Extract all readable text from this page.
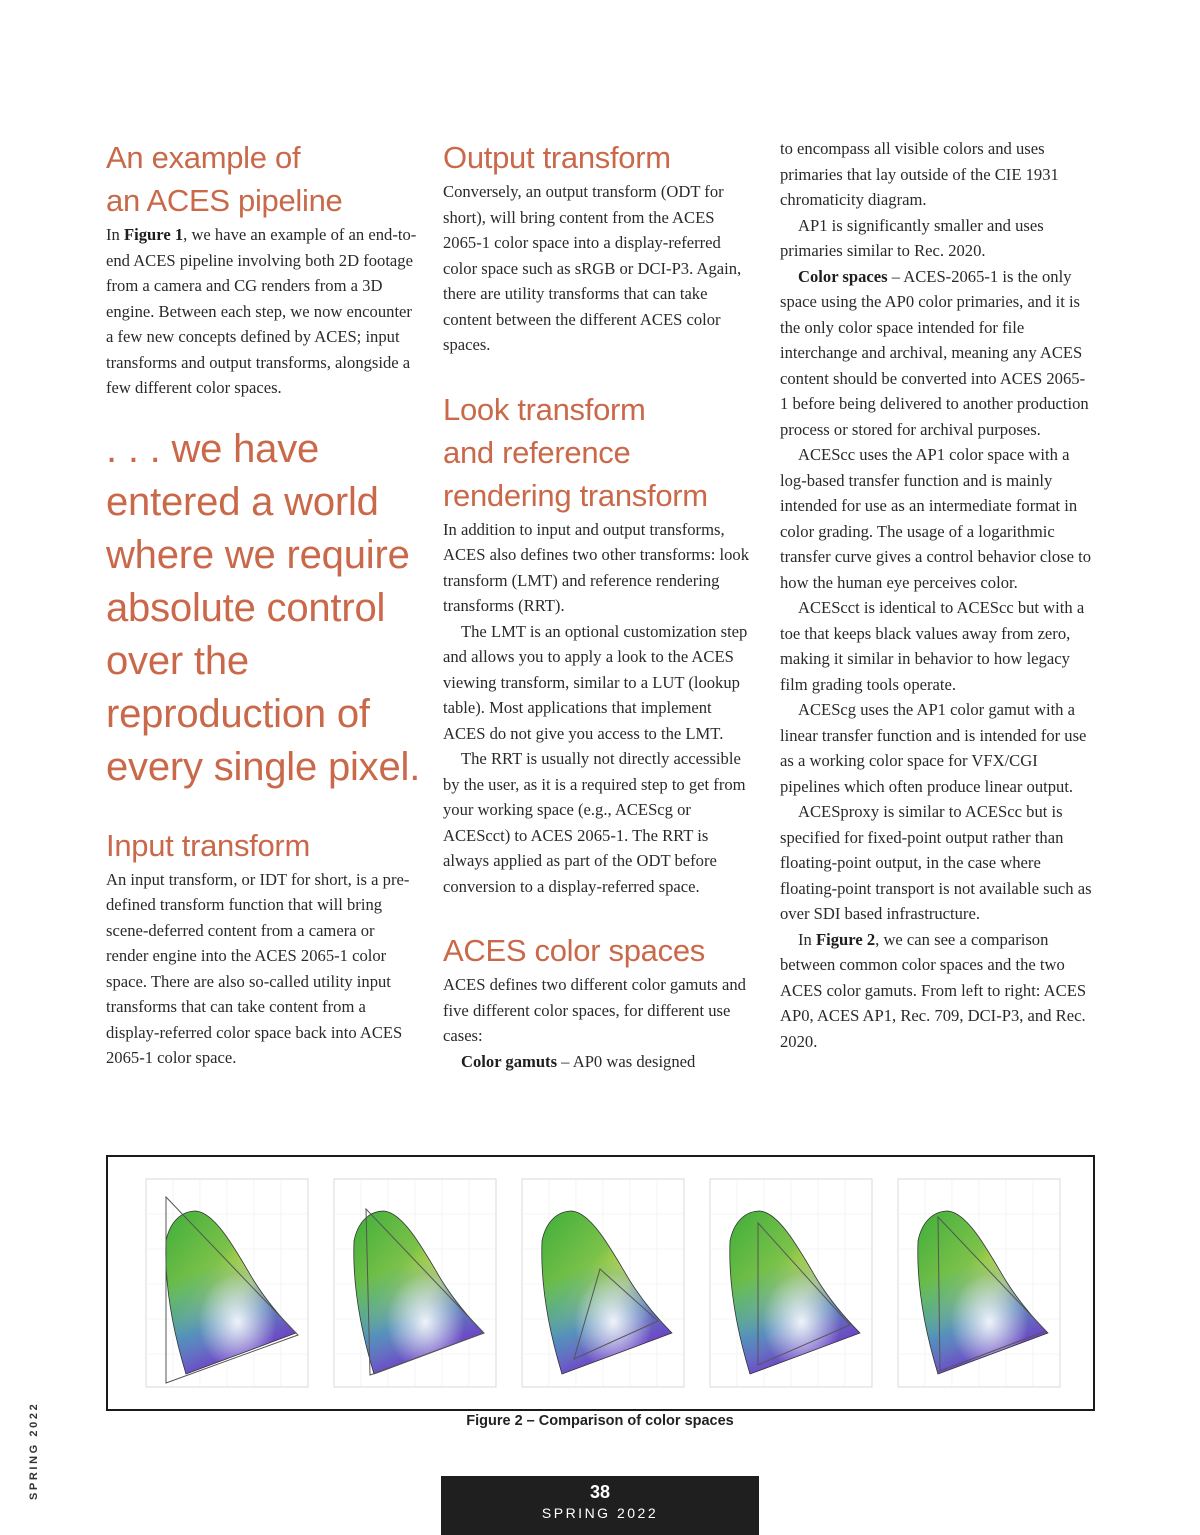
An example of
an ACES pipeline

In Figure 1, we have an example of an end-to-end ACES pipeline involving both 2D footage from a camera and CG renders from a 3D engine. Between each step, we now encounter a few new concepts defined by ACES; input transforms and output transforms, alongside a few different color spaces.

. . . we have
entered a world
where we require
absolute control
over the
reproduction of
every single pixel.
Input transform

An input transform, or IDT for short, is a pre-defined transform function that will bring scene-deferred content from a camera or render engine into the ACES 2065-1 color space. There are also so-called utility input transforms that can take content from a display-referred color space back into ACES 2065-1 color space.

Output transform

Conversely, an output transform (ODT for short), will bring content from the ACES 2065-1 color space into a display-referred color space such as sRGB or DCI-P3. Again, there are utility transforms that can take content between the different ACES color spaces.

Look transform
and reference
rendering transform

In addition to input and output transforms, ACES also defines two other transforms: look transform (LMT) and reference rendering transforms (RRT).

The LMT is an optional customization step and allows you to apply a look to the ACES viewing transform, similar to a LUT (lookup table). Most applications that implement ACES do not give you access to the LMT.

The RRT is usually not directly accessible by the user, as it is a required step to get from your working space (e.g., ACEScg or ACEScct) to ACES 2065-1. The RRT is always applied as part of the ODT before conversion to a display-referred space.

ACES color spaces

ACES defines two different color gamuts and five different color spaces, for different use cases:

Color gamuts – AP0 was designed

to encompass all visible colors and uses primaries that lay outside of the CIE 1931 chromaticity diagram.

AP1 is significantly smaller and uses primaries similar to Rec. 2020.

Color spaces – ACES-2065-1 is the only space using the AP0 color primaries, and it is the only color space intended for file interchange and archival, meaning any ACES content should be converted into ACES 2065-1 before being delivered to another production process or stored for archival purposes.

ACEScc uses the AP1 color space with a log-based transfer function and is mainly intended for use as an intermediate format in color grading. The usage of a logarithmic transfer curve gives a control behavior close to how the human eye perceives color.

ACEScct is identical to ACEScc but with a toe that keeps black values away from zero, making it similar in behavior to how legacy film grading tools operate.

ACEScg uses the AP1 color gamut with a linear transfer function and is intended for use as a working color space for VFX/CGI pipelines which often produce linear output.

ACESproxy is similar to ACEScc but is specified for fixed-point output rather than floating-point output, in the case where floating-point transport is not available such as over SDI based infrastructure.

In Figure 2, we can see a comparison between common color spaces and the two ACES color gamuts. From left to right: ACES AP0, ACES AP1, Rec. 709, DCI-P3, and Rec. 2020.

Figure 2 – Comparison of color spaces
SPRING 2022	38
SPRING 2022
